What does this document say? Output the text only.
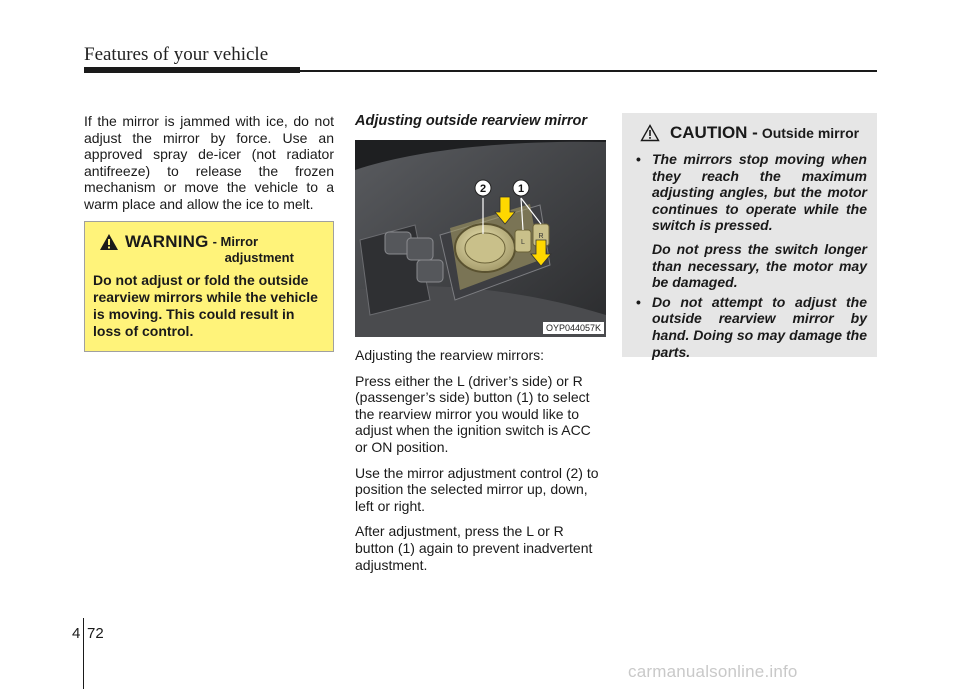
Features of your vehicle

If the mirror is jammed with ice, do not adjust the mirror by force. Use an approved spray de-icer (not radiator antifreeze) to release the frozen mechanism or move the vehicle to a warm place and allow the ice to melt.

WARNING - Mirror
adjustment

Do not adjust or fold the outside rearview mirrors while the vehicle is moving. This could result in loss of control.

Adjusting outside rearview mirror
2	1
L
R
OYP044057K

Adjusting the rearview mirrors:

Press either the L (driver’s side) or R (passenger’s side) button (1) to select the rearview mirror you would like to adjust when the ignition switch is ACC or ON position.

Use the mirror adjustment control (2) to position the selected mirror up, down, left or right.

After adjustment, press the L or R button (1) again to prevent inadvertent adjustment.

CAUTION - Outside mirror
• The mirrors stop moving when they reach the maximum adjusting angles, but the motor continues to operate while the switch is pressed.

Do not press the switch longer than necessary, the motor may be damaged.

• Do not attempt to adjust the outside rearview mirror by hand. Doing so may damage the parts.

4 72
carmanualsonline.info
